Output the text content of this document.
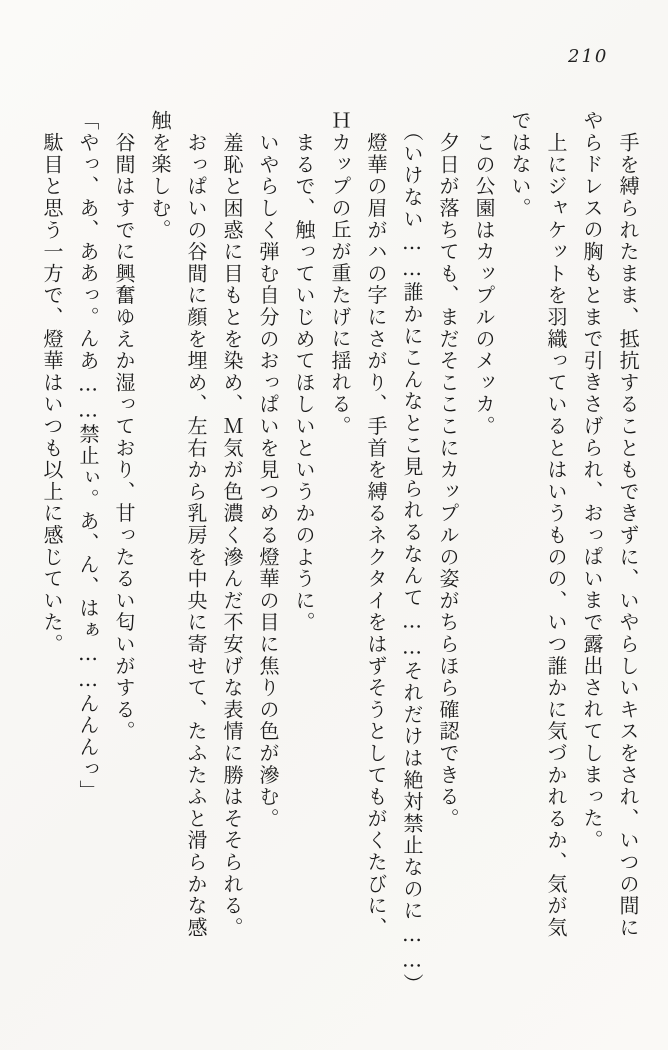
210
手を縛られたまま、抵抗することもできずに、いやらしいキスをされ、いつの間に
やらドレスの胸もとまで引きさげられ、おっぱいまで露出されてしまった。
上にジャケットを羽織っているとはいうものの、いつ誰かに気づかれるか、気が気
ではない。
この公園はカップルのメッカ。
夕日が落ちても、まだそこここにカップルの姿がちらほら確認できる。
（いけない……誰かにこんなとこ見られるなんて……それだけは絶対禁止なのに……）
燈華の眉がハの字にさがり、手首を縛るネクタイをはずそうとしてもがくたびに、
Ｈカップの丘が重たげに揺れる。
まるで、触っていじめてほしいというかのように。
いやらしく弾む自分のおっぱいを見つめる燈華の目に焦りの色が滲む。
羞恥と困惑に目もとを染め、Ｍ気が色濃く滲んだ不安げな表情に勝はそそられる。
おっぱいの谷間に顔を埋め、左右から乳房を中央に寄せて、たふたふと滑らかな感
触を楽しむ。
谷間はすでに興奮ゆえか湿っており、甘ったるい匂いがする。
「やっ、あ、ああっ。んあ……禁止ぃ。あ、ん、はぁ……んんんっ」
駄目と思う一方で、燈華はいつも以上に感じていた。
